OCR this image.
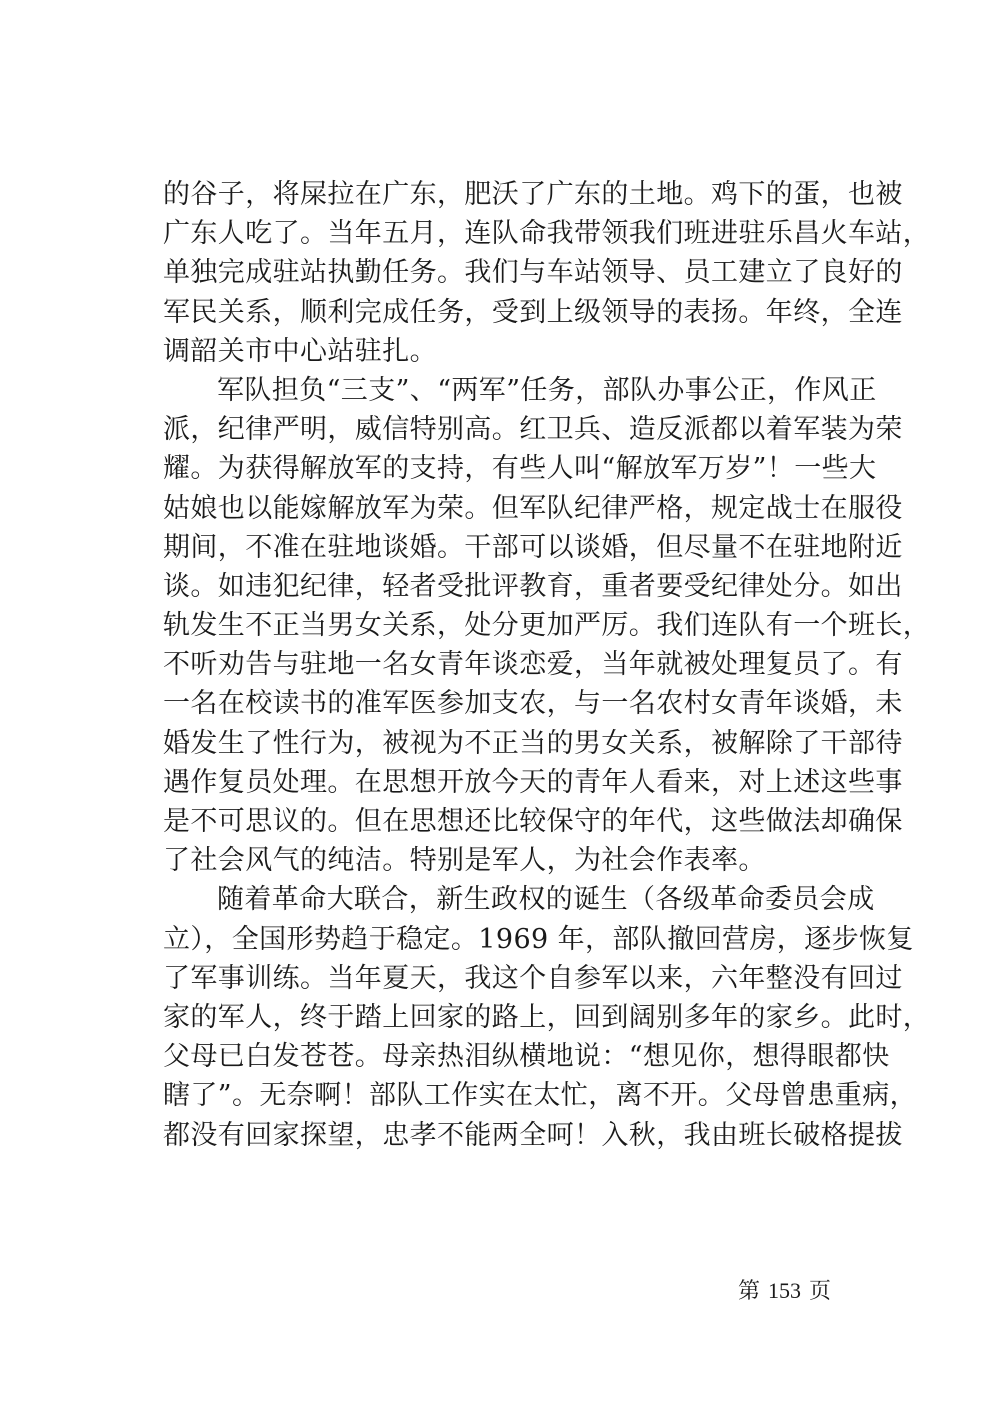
的谷子，将屎拉在广东，肥沃了广东的土地。鸡下的蛋，也被
广东人吃了。当年五月，连队命我带领我们班进驻乐昌火车站，
单独完成驻站执勤任务。我们与车站领导、员工建立了良好的
军民关系，顺利完成任务，受到上级领导的表扬。年终，全连
调韶关市中心站驻扎。
军队担负“三支”、“两军”任务，部队办事公正，作风正
派，纪律严明，威信特别高。红卫兵、造反派都以着军装为荣
耀。为获得解放军的支持，有些人叫“解放军万岁”！一些大
姑娘也以能嫁解放军为荣。但军队纪律严格，规定战士在服役
期间，不准在驻地谈婚。干部可以谈婚，但尽量不在驻地附近
谈。如违犯纪律，轻者受批评教育，重者要受纪律处分。如出
轨发生不正当男女关系，处分更加严厉。我们连队有一个班长，
不听劝告与驻地一名女青年谈恋爱，当年就被处理复员了。有
一名在校读书的准军医参加支农，与一名农村女青年谈婚，未
婚发生了性行为，被视为不正当的男女关系，被解除了干部待
遇作复员处理。在思想开放今天的青年人看来，对上述这些事
是不可思议的。但在思想还比较保守的年代，这些做法却确保
了社会风气的纯洁。特别是军人，为社会作表率。
随着革命大联合，新生政权的诞生（各级革命委员会成
立），全国形势趋于稳定。1969 年，部队撤回营房，逐步恢复
了军事训练。当年夏天，我这个自参军以来，六年整没有回过
家的军人，终于踏上回家的路上，回到阔别多年的家乡。此时，
父母已白发苍苍。母亲热泪纵横地说：“想见你，想得眼都快
瞎了”。无奈啊！部队工作实在太忙，离不开。父母曾患重病，
都没有回家探望，忠孝不能两全呵！入秋，我由班长破格提拔
第 153 页
